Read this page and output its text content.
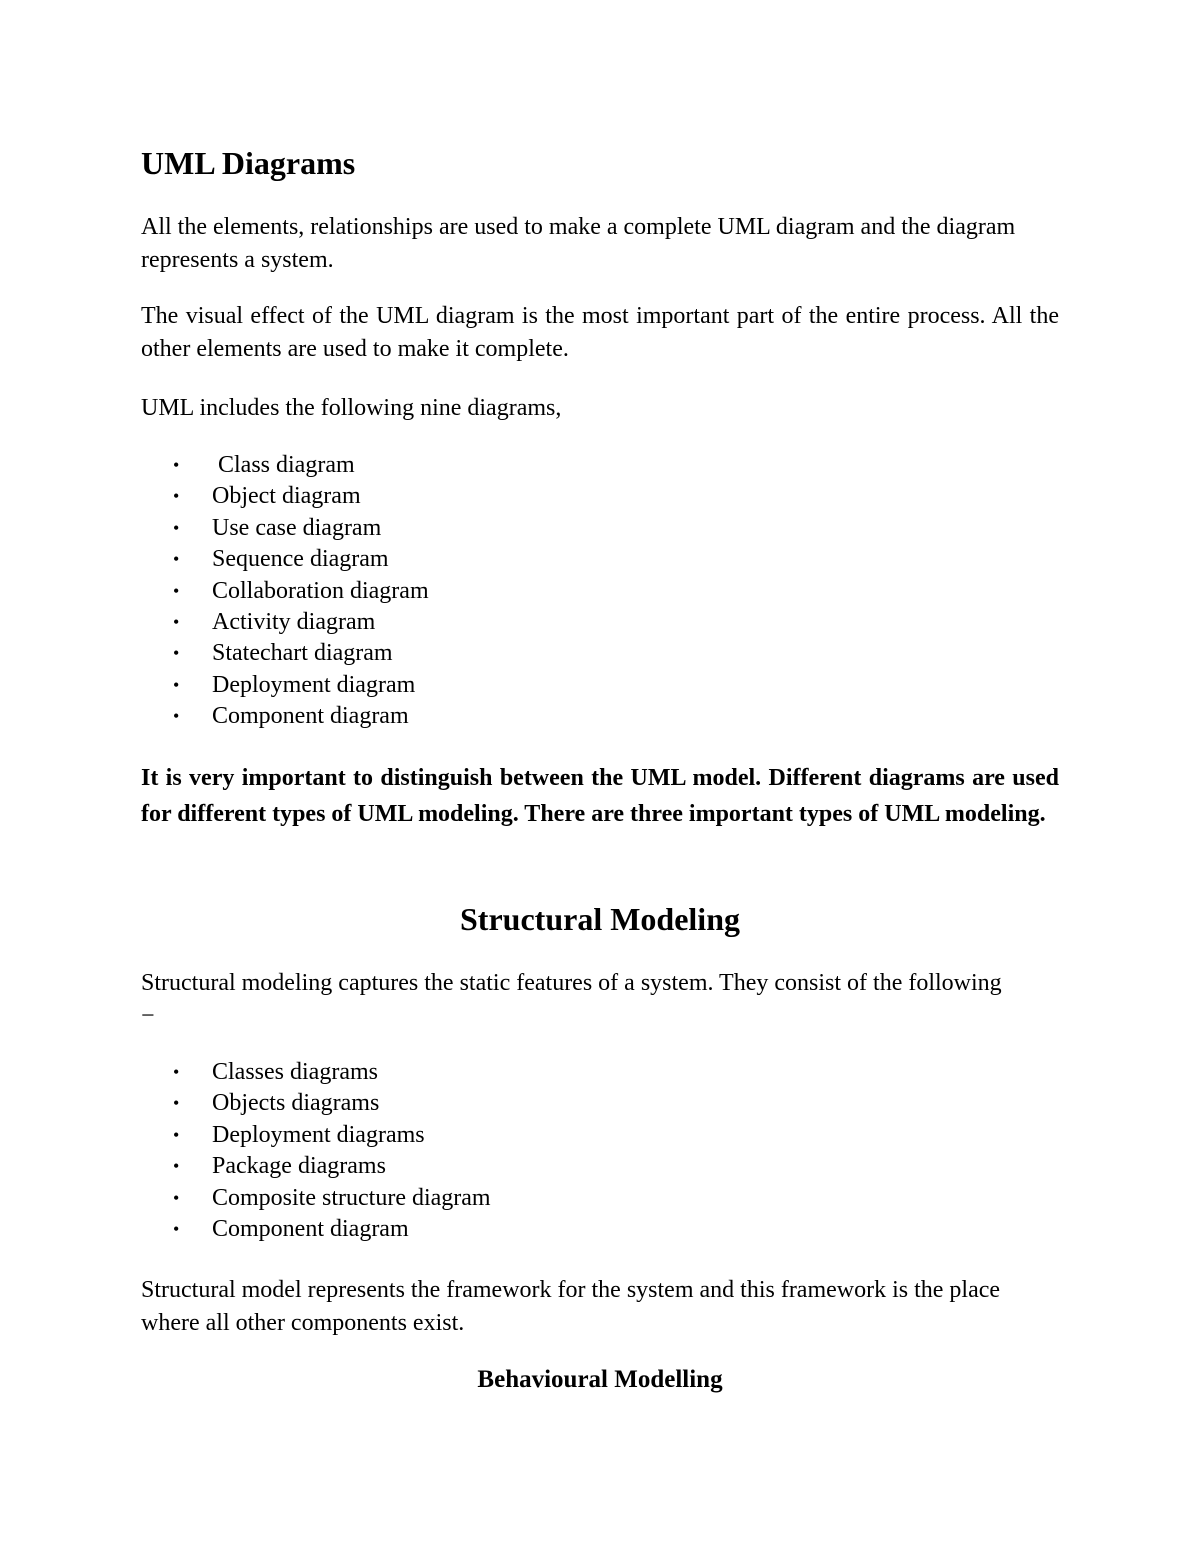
UML Diagrams

All the elements, relationships are used to make a complete UML diagram and the diagram represents a system.

The visual effect of the UML diagram is the most important part of the entire process. All the other elements are used to make it complete.

UML includes the following nine diagrams,

• Class diagram
• Object diagram
• Use case diagram
• Sequence diagram
• Collaboration diagram
• Activity diagram
• Statechart diagram
• Deployment diagram
• Component diagram

It is very important to distinguish between the UML model. Different diagrams are used for different types of UML modeling. There are three important types of UML modeling.

Structural Modeling

Structural modeling captures the static features of a system. They consist of the following −

• Classes diagrams
• Objects diagrams
• Deployment diagrams
• Package diagrams
• Composite structure diagram
• Component diagram

Structural model represents the framework for the system and this framework is the place where all other components exist.

Behavioural Modelling
